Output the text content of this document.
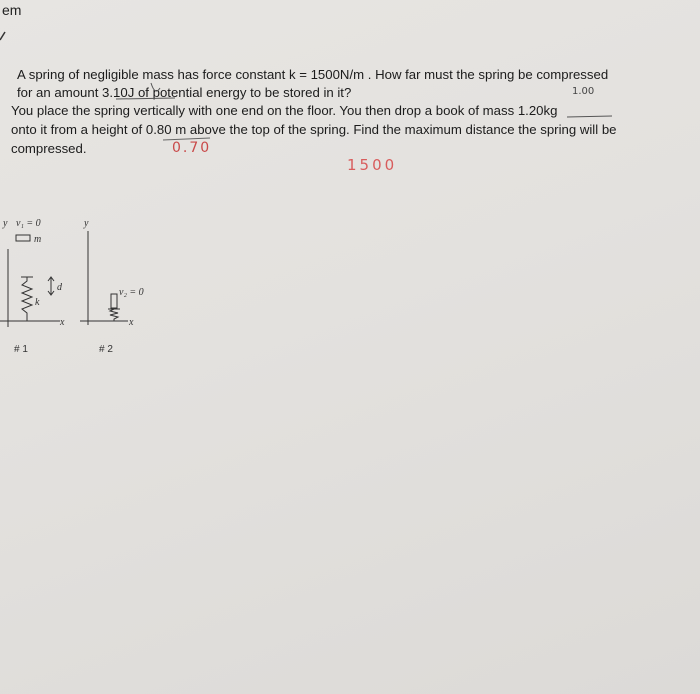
em
A spring of negligible mass has force constant k = 1500N/m . How far must the spring be compressed
for an amount 3.10J of potential energy to be stored in it?
You place the spring vertically with one end on the floor. You then drop a book of mass 1.20kg
onto it from a height of 0.80 m above the top of the spring. Find the maximum distance the spring will be
compressed.
1.00
0.70
1500
y v₁ = 0
m
k
d
x
# 1
y
v₂ = 0
x
# 2
